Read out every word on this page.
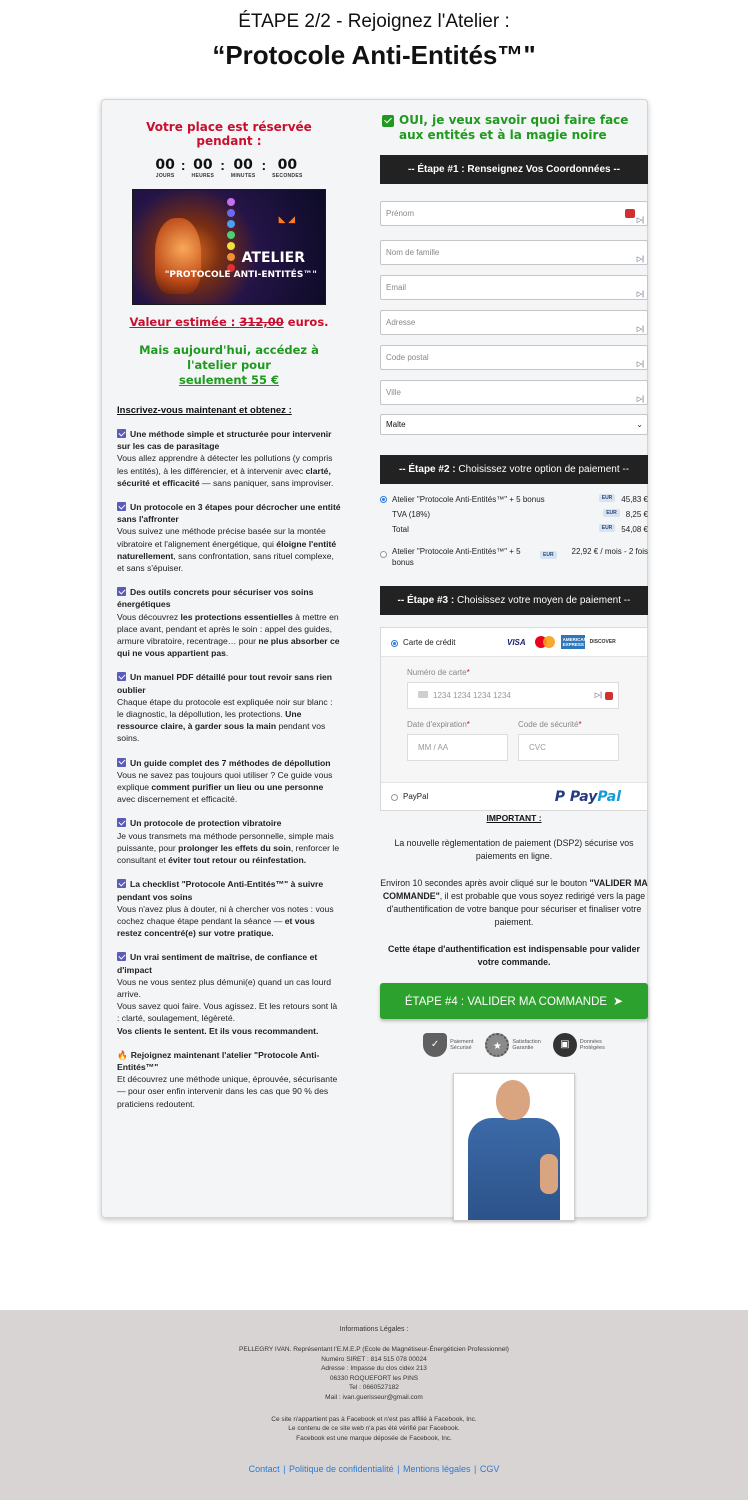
ÉTAPE 2/2 - Rejoignez l'Atelier :
“Protocole Anti-Entités™"
Votre place est réservée pendant :
00
JOURS
: 00
HEURES
: 00
MINUTES
: 00
SECONDES
◣ ◢
ATELIER
"PROTOCOLE ANTI-ENTITÉS™"
Valeur estimée : 312,00 euros.
Mais aujourd'hui, accédez à l'atelier pour
seulement 55 €
Inscrivez-vous maintenant et obtenez :
Une méthode simple et structurée pour intervenir sur les cas de parasitage
Vous allez apprendre à détecter les pollutions (y compris les entités), à les différencier, et à intervenir avec clarté, sécurité et efficacité — sans paniquer, sans improviser.
Un protocole en 3 étapes pour décrocher une entité sans l'affronter
Vous suivez une méthode précise basée sur la montée vibratoire et l'alignement énergétique, qui éloigne l'entité naturellement, sans confrontation, sans rituel complexe, et sans s'épuiser.
Des outils concrets pour sécuriser vos soins énergétiques
Vous découvrez les protections essentielles à mettre en place avant, pendant et après le soin : appel des guides, armure vibratoire, recentrage… pour ne plus absorber ce qui ne vous appartient pas.
Un manuel PDF détaillé pour tout revoir sans rien oublier
Chaque étape du protocole est expliquée noir sur blanc : le diagnostic, la dépollution, les protections. Une ressource claire, à garder sous la main pendant vos soins.
Un guide complet des 7 méthodes de dépollution
Vous ne savez pas toujours quoi utiliser ? Ce guide vous explique comment purifier un lieu ou une personne avec discernement et efficacité.
Un protocole de protection vibratoire
Je vous transmets ma méthode personnelle, simple mais puissante, pour prolonger les effets du soin, renforcer le consultant et éviter tout retour ou réinfestation.
La checklist "Protocole Anti-Entités™" à suivre pendant vos soins
Vous n'avez plus à douter, ni à chercher vos notes : vous cochez chaque étape pendant la séance — et vous restez concentré(e) sur votre pratique.
Un vrai sentiment de maîtrise, de confiance et d'impact
Vous ne vous sentez plus démuni(e) quand un cas lourd arrive.
Vous savez quoi faire. Vous agissez. Et les retours sont là : clarté, soulagement, légèreté.
Vos clients le sentent. Et ils vous recommandent.
🔥 Rejoignez maintenant l'atelier "Protocole Anti-Entités™"
Et découvrez une méthode unique, éprouvée, sécurisante — pour oser enfin intervenir dans les cas que 90 % des praticiens redoutent.
OUI, je veux savoir quoi faire face aux entités et à la magie noire
-- Étape #1 : Renseignez Vos Coordonnées --
Prénom
▷|
Nom de famille
▷|
Email
▷|
Adresse
▷|
Code postal
▷|
Ville
▷|
Malte	⌄
-- Étape #2 : Choisissez votre option de paiement --
Atelier "Protocole Anti-Entités™" + 5 bonus	EUR	45,83 €
TVA (18%)	EUR	8,25 €
Total	EUR	54,08 €
Atelier "Protocole Anti-Entités™" + 5 bonus
EUR	22,92 € / mois - 2 fois
-- Étape #3 : Choisissez votre moyen de paiement --
Carte de crédit	VISA	AMERICAN EXPRESS DISCOVER
Numéro de carte*
1234 1234 1234 1234	▷|
Date d'expiration*
MM / AA
Code de sécurité*
CVC
PayPal	P PayPal
IMPORTANT :
La nouvelle règlementation de paiement (DSP2) sécurise vos paiements en ligne.
Environ 10 secondes après avoir cliqué sur le bouton "VALIDER MA COMMANDE", il est probable que vous soyez redirigé vers la page d'authentification de votre banque pour sécuriser et finaliser votre paiement.
Cette étape d'authentification est indispensable pour valider votre commande.
ÉTAPE #4 : VALIDER MA COMMANDE ➤
✓	Paiement
Sécurisé	★	Satisfaction
Garantie	▣	Données
Protégées
Informations Légales :
PELLEGRY IVAN. Représentant l'E.M.E.P (Ecole de Magnétiseur-Énergéticien Professionnel)
Numéro SIRET : 814 515 078 00024
Adresse : Impasse du clos cidex 213
06330 ROQUEFORT les PINS
Tel : 0660527182
Mail : ivan.guerisseur@gmail.com
Ce site n'appartient pas à Facebook et n'est pas affilié à Facebook, Inc.
Le contenu de ce site web n'a pas été vérifié par Facebook.
Facebook est une marque déposée de Facebook, Inc.
Contact | Politique de confidentialité | Mentions légales | CGV
